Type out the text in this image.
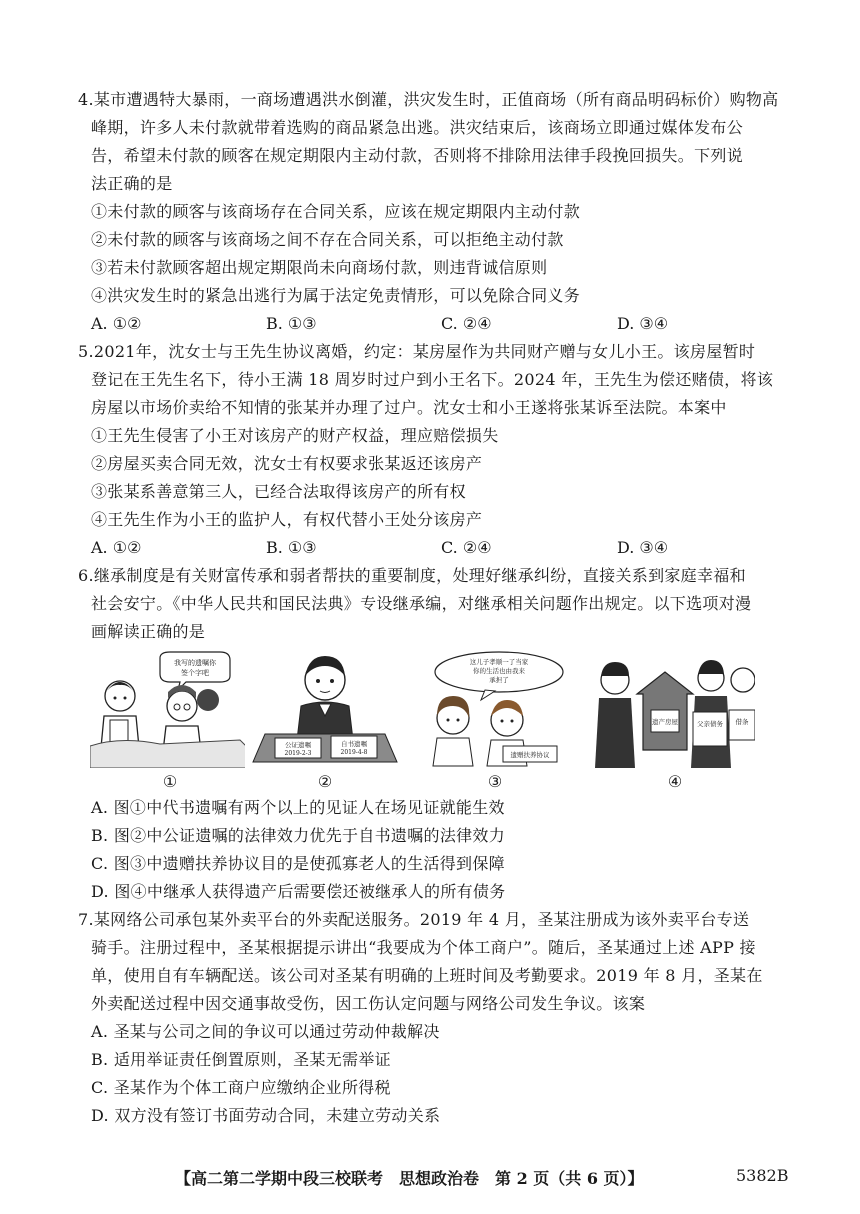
4.某市遭遇特大暴雨，一商场遭遇洪水倒灌，洪灾发生时，正值商场（所有商品明码标价）购物高
峰期，许多人未付款就带着选购的商品紧急出逃。洪灾结束后，该商场立即通过媒体发布公
告，希望未付款的顾客在规定期限内主动付款，否则将不排除用法律手段挽回损失。下列说
法正确的是
①未付款的顾客与该商场存在合同关系，应该在规定期限内主动付款
②未付款的顾客与该商场之间不存在合同关系，可以拒绝主动付款
③若未付款顾客超出规定期限尚未向商场付款，则违背诚信原则
④洪灾发生时的紧急出逃行为属于法定免责情形，可以免除合同义务
A. ①②	B. ①③	C. ②④	D. ③④
5.2021年，沈女士与王先生协议离婚，约定：某房屋作为共同财产赠与女儿小王。该房屋暂时
登记在王先生名下，待小王满 18 周岁时过户到小王名下。2024 年，王先生为偿还赌债，将该
房屋以市场价卖给不知情的张某并办理了过户。沈女士和小王遂将张某诉至法院。本案中
①王先生侵害了小王对该房产的财产权益，理应赔偿损失
②房屋买卖合同无效，沈女士有权要求张某返还该房产
③张某系善意第三人，已经合法取得该房产的所有权
④王先生作为小王的监护人，有权代替小王处分该房产
A. ①②	B. ①③	C. ②④	D. ③④
6.继承制度是有关财富传承和弱者帮扶的重要制度，处理好继承纠纷，直接关系到家庭幸福和
社会安宁。《中华人民共和国民法典》专设继承编，对继承相关问题作出规定。以下选项对漫
画解读正确的是
我写的遗嘱你
签个字吧
①
公证遗嘱
2019-2-3
自书遗嘱
2019-4-8
②
这儿子孝顺一了当家
你的生活也由我来
承担了
遗赠扶养协议
③
遗产房屋	父亲债务 借条
④
A. 图①中代书遗嘱有两个以上的见证人在场见证就能生效
B. 图②中公证遗嘱的法律效力优先于自书遗嘱的法律效力
C. 图③中遗赠扶养协议目的是使孤寡老人的生活得到保障
D. 图④中继承人获得遗产后需要偿还被继承人的所有债务
7.某网络公司承包某外卖平台的外卖配送服务。2019 年 4 月，圣某注册成为该外卖平台专送
骑手。注册过程中，圣某根据提示讲出“我要成为个体工商户”。随后，圣某通过上述 APP 接
单，使用自有车辆配送。该公司对圣某有明确的上班时间及考勤要求。2019 年 8 月，圣某在
外卖配送过程中因交通事故受伤，因工伤认定问题与网络公司发生争议。该案
A. 圣某与公司之间的争议可以通过劳动仲裁解决
B. 适用举证责任倒置原则，圣某无需举证
C. 圣某作为个体工商户应缴纳企业所得税
D. 双方没有签订书面劳动合同，未建立劳动关系
【高二第二学期中段三校联考　思想政治卷　第 2 页（共 6 页）】	5382B
